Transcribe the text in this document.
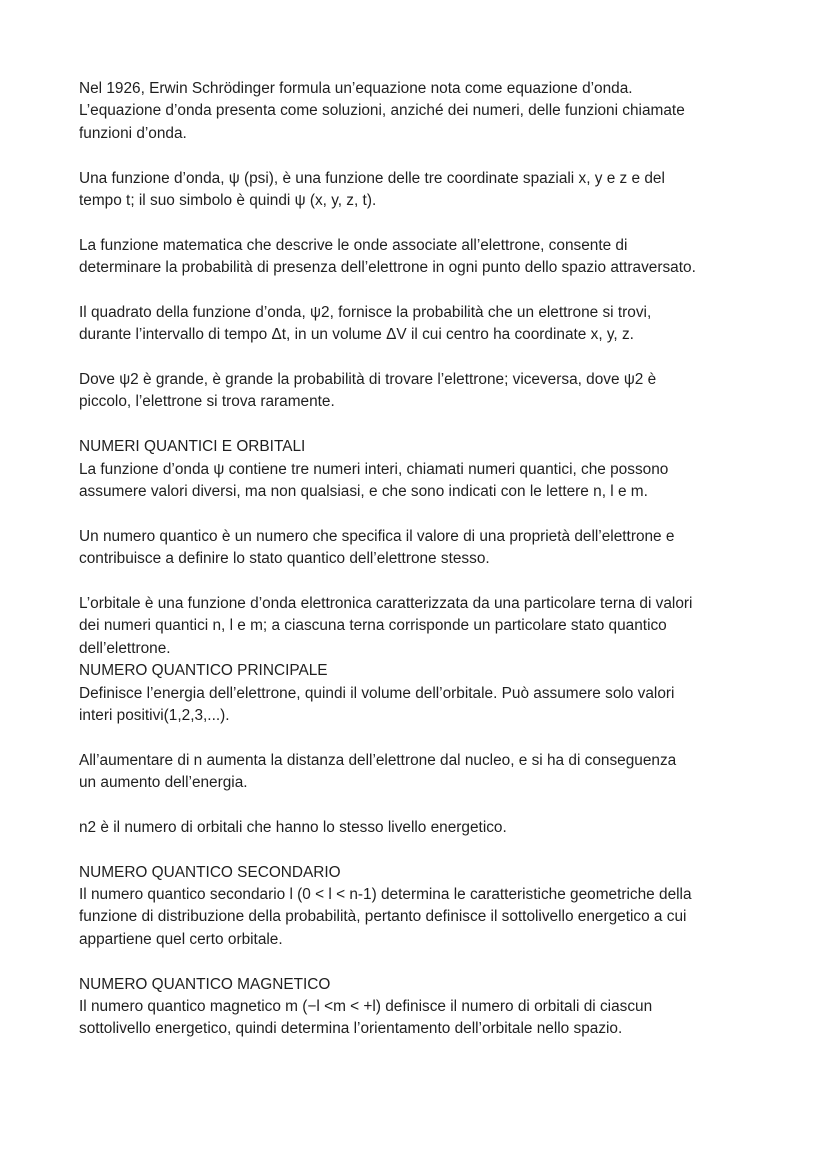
Nel 1926, Erwin Schrödinger formula un’equazione nota come equazione d’onda.
L’equazione d’onda presenta come soluzioni, anziché dei numeri, delle funzioni chiamate
funzioni d’onda.
Una funzione d’onda, ψ (psi), è una funzione delle tre coordinate spaziali x, y e z e del
tempo t; il suo simbolo è quindi ψ (x, y, z, t).
La funzione matematica che descrive le onde associate all’elettrone, consente di
determinare la probabilità di presenza dell’elettrone in ogni punto dello spazio attraversato.
Il quadrato della funzione d’onda, ψ2, fornisce la probabilità che un elettrone si trovi,
durante l’intervallo di tempo Δt, in un volume ΔV il cui centro ha coordinate x, y, z.
Dove ψ2 è grande, è grande la probabilità di trovare l’elettrone; viceversa, dove ψ2 è
piccolo, l’elettrone si trova raramente.
NUMERI QUANTICI E ORBITALI
La funzione d’onda ψ contiene tre numeri interi, chiamati numeri quantici, che possono
assumere valori diversi, ma non qualsiasi, e che sono indicati con le lettere n, l e m.
Un numero quantico è un numero che specifica il valore di una proprietà dell’elettrone e
contribuisce a definire lo stato quantico dell’elettrone stesso.
L’orbitale è una funzione d’onda elettronica caratterizzata da una particolare terna di valori
dei numeri quantici n, l e m; a ciascuna terna corrisponde un particolare stato quantico
dell’elettrone.
NUMERO QUANTICO PRINCIPALE
Definisce l’energia dell’elettrone, quindi il volume dell’orbitale. Può assumere solo valori
interi positivi(1,2,3,...).
All’aumentare di n aumenta la distanza dell’elettrone dal nucleo, e si ha di conseguenza
un aumento dell’energia.
n2 è il numero di orbitali che hanno lo stesso livello energetico.
NUMERO QUANTICO SECONDARIO
Il numero quantico secondario l (0 < l < n-1) determina le caratteristiche geometriche della
funzione di distribuzione della probabilità, pertanto definisce il sottolivello energetico a cui
appartiene quel certo orbitale.
NUMERO QUANTICO MAGNETICO
Il numero quantico magnetico m (−l <m < +l) definisce il numero di orbitali di ciascun
sottolivello energetico, quindi determina l’orientamento dell’orbitale nello spazio.
